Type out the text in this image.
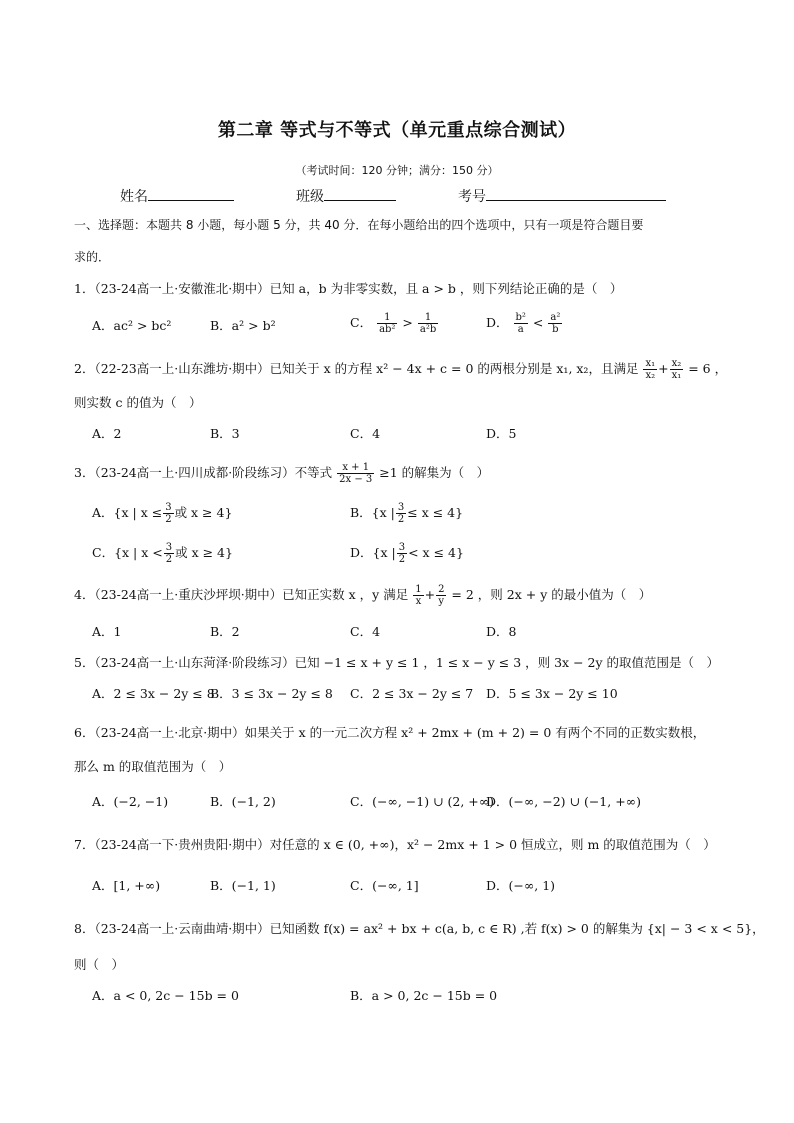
第二章 等式与不等式（单元重点综合测试）
（考试时间：120 分钟；满分：150 分）
姓名	班级	考号
一、选择题：本题共 8 小题，每小题 5 分，共 40 分．在每小题给出的四个选项中，只有一项是符合题目要
求的．
1．（23-24高一上·安徽淮北·期中）已知 a，b 为非零实数，且 a > b ，则下列结论正确的是（　）
A．ac² > bc²	B．a² > b²	C． $\frac{1}{\text{ab²}} > \frac{1}{\text{a²b}}$	D． $\frac{\text{b²}}{a} < \frac{\text{a²}}{b}$
2．（22-23高一上·山东潍坊·期中）已知关于 x 的方程 x² − 4x + c = 0 的两根分别是 x₁, x₂，且满足 $\frac{\text{x₁}}{\text{x₂}} + \frac{\text{x₂}}{\text{x₁}} = 6$ ，
则实数 c 的值为（　）
A．2	B．3	C．4	D．5
3．（23-24高一上·四川成都·阶段练习）不等式 $\frac{x + 1}{2x - 3} \ge 1$ 的解集为（　）
A．{x | $x \le \frac{3}{2}$ 或 x ≥ 4}	B．{x | $\frac{3}{2} \le x \le 4$}
C．{x | $x < \frac{3}{2}$ 或 x ≥ 4}	D．{x | $\frac{3}{2} < x \le 4$}
4．（23-24高一上·重庆沙坪坝·期中）已知正实数 x ，y 满足 $\frac{1}{x} + \frac{2}{y} = 2$ ，则 2x + y 的最小值为（　）
A．1	B．2	C．4	D．8
5．（23-24高一上·山东菏泽·阶段练习）已知 −1 ≤ x + y ≤ 1 ，1 ≤ x − y ≤ 3 ，则 3x − 2y 的取值范围是（　）
A．2 ≤ 3x − 2y ≤ 8
B．3 ≤ 3x − 2y ≤ 8 C．2 ≤ 3x − 2y ≤ 7 D．5 ≤ 3x − 2y ≤ 10
6．（23-24高一上·北京·期中）如果关于 x 的一元二次方程 x² + 2mx + (m + 2) = 0 有两个不同的正数实数根，
那么 m 的取值范围为（　）
A．(−2, −1)	B．(−1, 2)	C．(−∞, −1) ∪ (2, +∞)
D．(−∞, −2) ∪ (−1, +∞)
7．（23-24高一下·贵州贵阳·期中）对任意的 x ∈ (0, +∞)，x² − 2mx + 1 > 0 恒成立，则 m 的取值范围为（　）
A．[1, +∞)	B．(−1, 1)	C．(−∞, 1]	D．(−∞, 1)
8．（23-24高一上·云南曲靖·期中）已知函数 f(x) = ax² + bx + c(a, b, c ∈ R) ,若 f(x) > 0 的解集为 {x| − 3 < x < 5}，
则（　）
A．a < 0, 2c − 15b = 0	B．a > 0, 2c − 15b = 0
